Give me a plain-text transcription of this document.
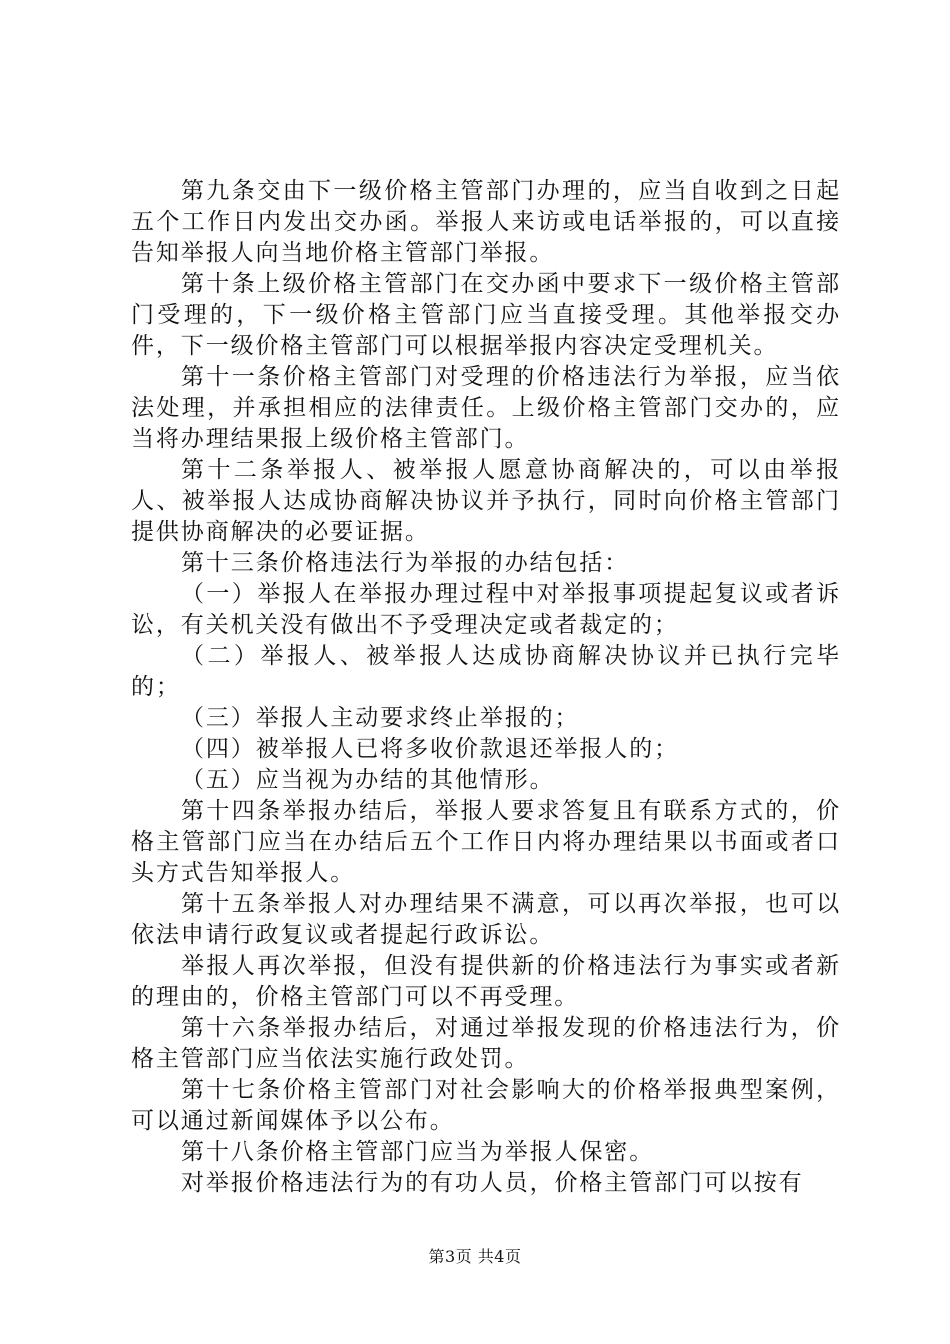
第九条交由下一级价格主管部门办理的，应当自收到之日起五个工作日内发出交办函。举报人来访或电话举报的，可以直接告知举报人向当地价格主管部门举报。

第十条上级价格主管部门在交办函中要求下一级价格主管部门受理的，下一级价格主管部门应当直接受理。其他举报交办件，下一级价格主管部门可以根据举报内容决定受理机关。

第十一条价格主管部门对受理的价格违法行为举报，应当依法处理，并承担相应的法律责任。上级价格主管部门交办的，应当将办理结果报上级价格主管部门。

第十二条举报人、被举报人愿意协商解决的，可以由举报人、被举报人达成协商解决协议并予执行，同时向价格主管部门提供协商解决的必要证据。

第十三条价格违法行为举报的办结包括：

（一）举报人在举报办理过程中对举报事项提起复议或者诉讼，有关机关没有做出不予受理决定或者裁定的；

（二）举报人、被举报人达成协商解决协议并已执行完毕的；

（三）举报人主动要求终止举报的；

（四）被举报人已将多收价款退还举报人的；

（五）应当视为办结的其他情形。

第十四条举报办结后，举报人要求答复且有联系方式的，价格主管部门应当在办结后五个工作日内将办理结果以书面或者口头方式告知举报人。

第十五条举报人对办理结果不满意，可以再次举报，也可以依法申请行政复议或者提起行政诉讼。

举报人再次举报，但没有提供新的价格违法行为事实或者新的理由的，价格主管部门可以不再受理。

第十六条举报办结后，对通过举报发现的价格违法行为，价格主管部门应当依法实施行政处罚。

第十七条价格主管部门对社会影响大的价格举报典型案例，可以通过新闻媒体予以公布。

第十八条价格主管部门应当为举报人保密。

对举报价格违法行为的有功人员，价格主管部门可以按有

第3页 共4页
